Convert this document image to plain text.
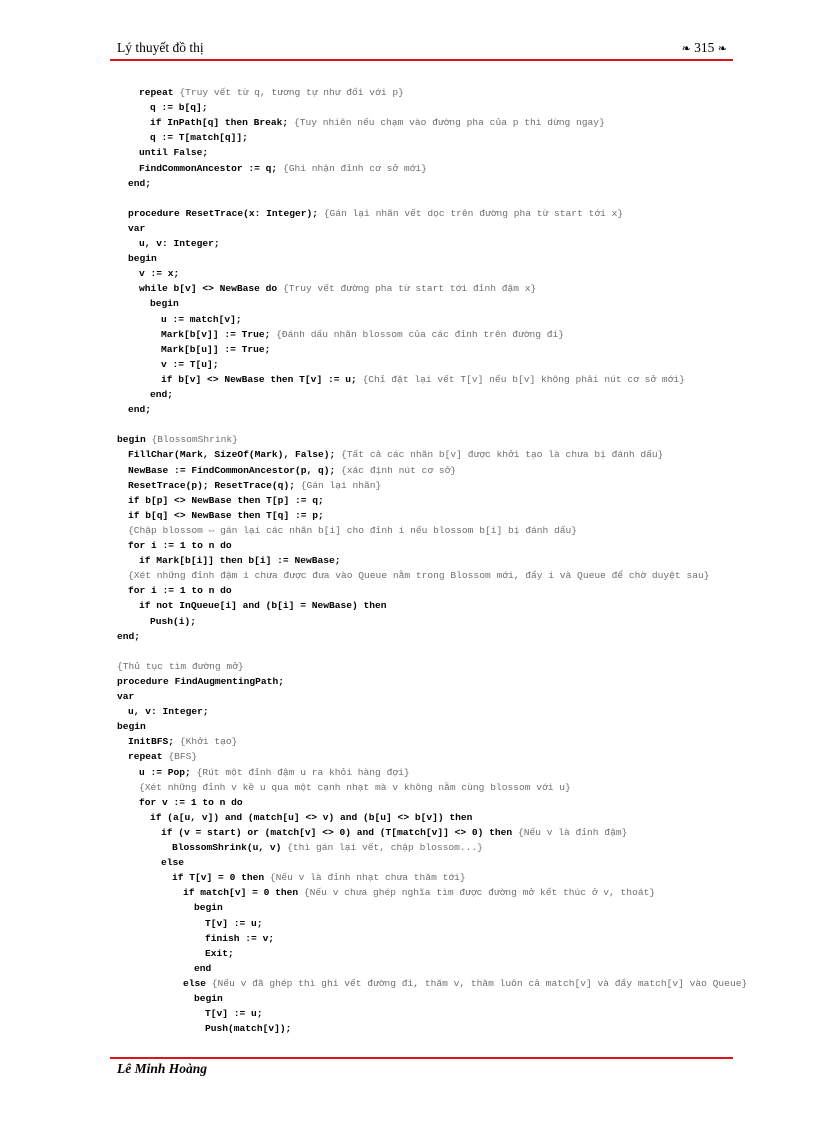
Lý thuyết đồ thị	❧ 315 ❧
repeat {Truy vết từ q, tương tự như đối với p}
q := b[q];
if InPath[q] then Break; {Tuy nhiên nếu chạm vào đường pha của p thì dừng ngay}
q := T[match[q]];
until False;
FindCommonAncestor := q; {Ghi nhận đỉnh cơ sở mới}
end;
procedure ResetTrace(x: Integer); {Gán lại nhãn vết dọc trên đường pha từ start tới x}
var
u, v: Integer;
begin
v := x;
while b[v] <> NewBase do {Truy vết đường pha từ start tới đỉnh đậm x}
begin
u := match[v];
Mark[b[v]] := True; {Đánh dấu nhãn blossom của các đỉnh trên đường đi}
Mark[b[u]] := True;
v := T[u];
if b[v] <> NewBase then T[v] := u; {Chỉ đặt lại vết T[v] nếu b[v] không phải nút cơ sở mới}
end;
end;
begin {BlossomShrink}
FillChar(Mark, SizeOf(Mark), False); {Tất cả các nhãn b[v] được khởi tạo là chưa bị đánh dấu}
NewBase := FindCommonAncestor(p, q); {xác định nút cơ sở}
ResetTrace(p); ResetTrace(q); {Gán lại nhãn}
if b[p] <> NewBase then T[p] := q;
if b[q] <> NewBase then T[q] := p;
{Chập blossom ⇔ gán lại các nhãn b[i] cho đỉnh i nếu blossom b[i] bị đánh dấu}
for i := 1 to n do
if Mark[b[i]] then b[i] := NewBase;
{Xét những đỉnh đậm i chưa được đưa vào Queue nằm trong Blossom mới, đẩy i và Queue để chờ duyệt sau}
for i := 1 to n do
if not InQueue[i] and (b[i] = NewBase) then
Push(i);
end;
{Thủ tục tìm đường mở}
procedure FindAugmentingPath;
var
u, v: Integer;
begin
InitBFS; {Khởi tạo}
repeat {BFS}
u := Pop; {Rút một đỉnh đậm u ra khỏi hàng đợi}
{Xét những đỉnh v kề u qua một cạnh nhạt mà v không nằm cùng blossom với u}
for v := 1 to n do
if (a[u, v]) and (match[u] <> v) and (b[u] <> b[v]) then
if (v = start) or (match[v] <> 0) and (T[match[v]] <> 0) then {Nếu v là đỉnh đậm}
BlossomShrink(u, v) {thì gán lại vết, chập blossom...}
else
if T[v] = 0 then {Nếu v là đỉnh nhạt chưa thăm tới}
if match[v] = 0 then {Nếu v chưa ghép nghĩa tìm được đường mở kết thúc ở v, thoát}
begin
T[v] := u;
finish := v;
Exit;
end
else {Nếu v đã ghép thì ghi vết đường đi, thăm v, thăm luôn cả match[v] và đẩy match[v] vào Queue}
begin
T[v] := u;
Push(match[v]);
Lê Minh Hoàng
